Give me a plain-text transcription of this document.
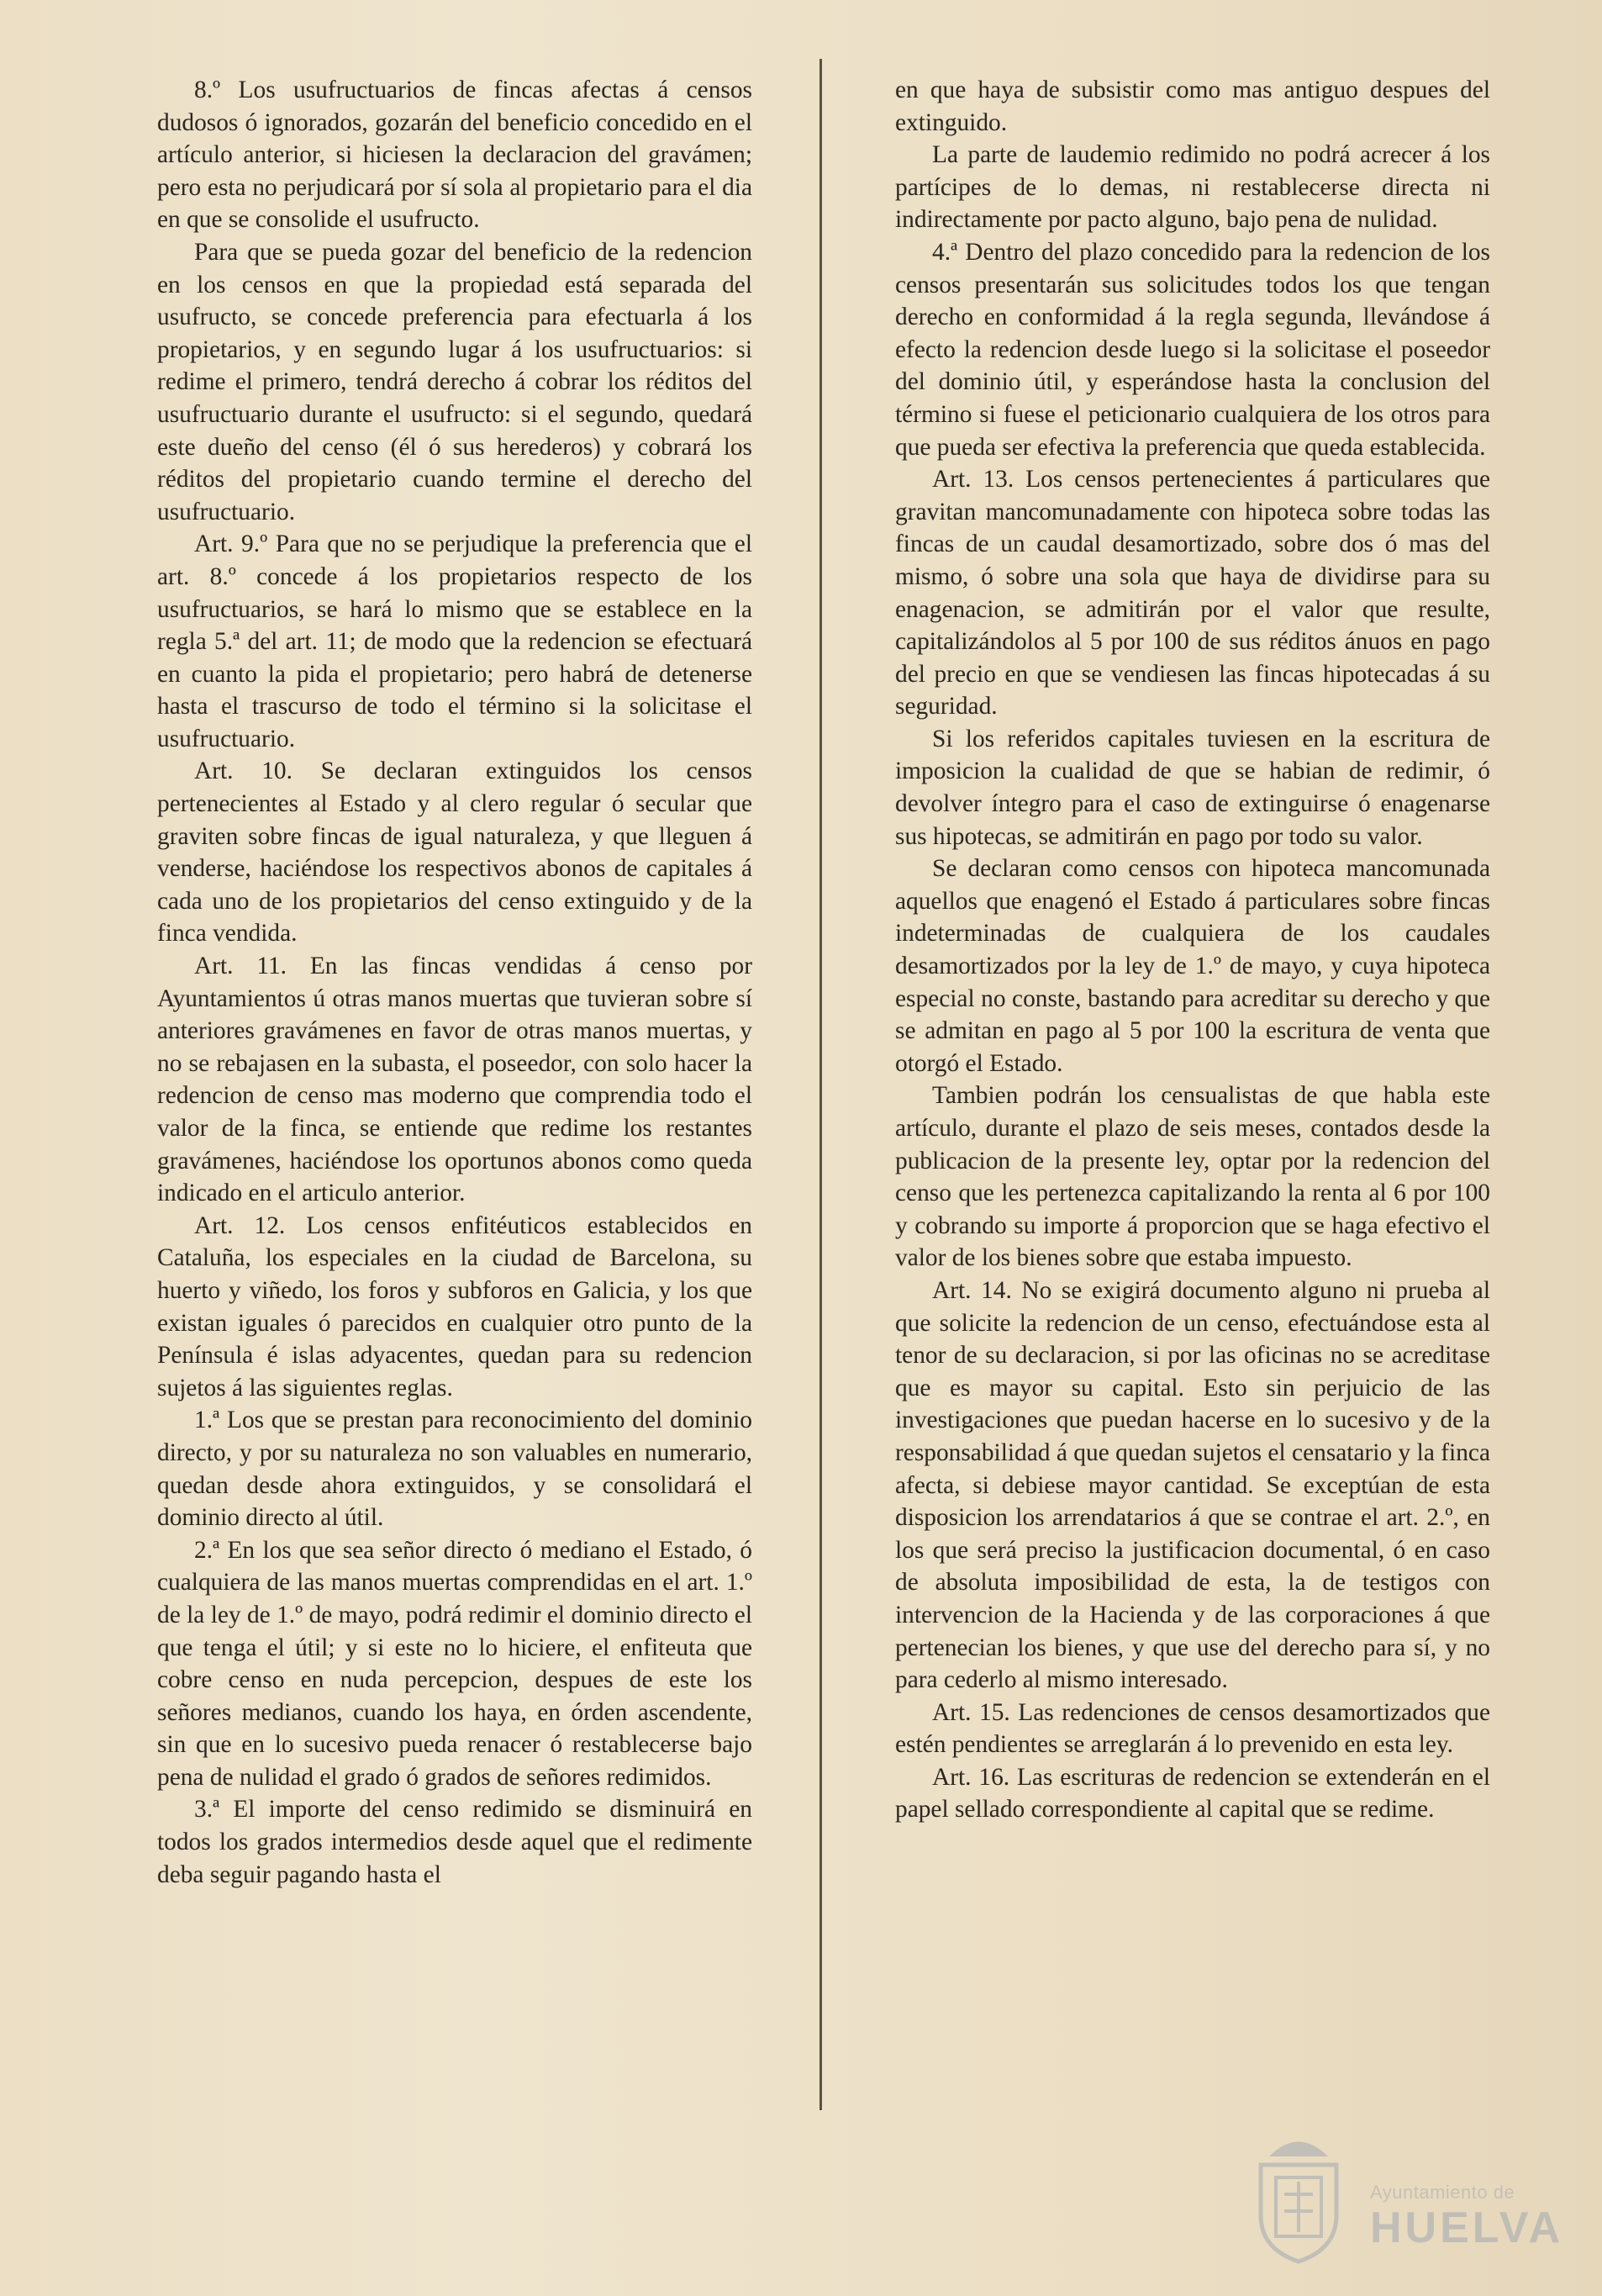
8.º Los usufructuarios de fincas afectas á censos dudosos ó ignorados, gozarán del beneficio concedido en el artículo anterior, si hiciesen la declaracion del gravámen; pero esta no perjudicará por sí sola al propietario para el dia en que se consolide el usufructo.

Para que se pueda gozar del beneficio de la redencion en los censos en que la propiedad está separada del usufructo, se concede preferencia para efectuarla á los propietarios, y en segundo lugar á los usufructuarios: si redime el primero, tendrá derecho á cobrar los réditos del usufructuario durante el usufructo: si el segundo, quedará este dueño del censo (él ó sus herederos) y cobrará los réditos del propietario cuando termine el derecho del usufructuario.

Art. 9.º Para que no se perjudique la preferencia que el art. 8.º concede á los propietarios respecto de los usufructuarios, se hará lo mismo que se establece en la regla 5.ª del art. 11; de modo que la redencion se efectuará en cuanto la pida el propietario; pero habrá de detenerse hasta el trascurso de todo el término si la solicitase el usufructuario.

Art. 10. Se declaran extinguidos los censos pertenecientes al Estado y al clero regular ó secular que graviten sobre fincas de igual naturaleza, y que lleguen á venderse, haciéndose los respectivos abonos de capitales á cada uno de los propietarios del censo extinguido y de la finca vendida.

Art. 11. En las fincas vendidas á censo por Ayuntamientos ú otras manos muertas que tuvieran sobre sí anteriores gravámenes en favor de otras manos muertas, y no se rebajasen en la subasta, el poseedor, con solo hacer la redencion de censo mas moderno que comprendia todo el valor de la finca, se entiende que redime los restantes gravámenes, haciéndose los oportunos abonos como queda indicado en el articulo anterior.

Art. 12. Los censos enfitéuticos establecidos en Cataluña, los especiales en la ciudad de Barcelona, su huerto y viñedo, los foros y subforos en Galicia, y los que existan iguales ó parecidos en cualquier otro punto de la Península é islas adyacentes, quedan para su redencion sujetos á las siguientes reglas.

1.ª Los que se prestan para reconocimiento del dominio directo, y por su naturaleza no son valuables en numerario, quedan desde ahora extinguidos, y se consolidará el dominio directo al útil.

2.ª En los que sea señor directo ó mediano el Estado, ó cualquiera de las manos muertas comprendidas en el art. 1.º de la ley de 1.º de mayo, podrá redimir el dominio directo el que tenga el útil; y si este no lo hiciere, el enfiteuta que cobre censo en nuda percepcion, despues de este los señores medianos, cuando los haya, en órden ascendente, sin que en lo sucesivo pueda renacer ó restablecerse bajo pena de nulidad el grado ó grados de señores redimidos.

3.ª El importe del censo redimido se disminuirá en todos los grados intermedios desde aquel que el redimente deba seguir pagando hasta el

en que haya de subsistir como mas antiguo despues del extinguido.

La parte de laudemio redimido no podrá acrecer á los partícipes de lo demas, ni restablecerse directa ni indirectamente por pacto alguno, bajo pena de nulidad.

4.ª Dentro del plazo concedido para la redencion de los censos presentarán sus solicitudes todos los que tengan derecho en conformidad á la regla segunda, llevándose á efecto la redencion desde luego si la solicitase el poseedor del dominio útil, y esperándose hasta la conclusion del término si fuese el peticionario cualquiera de los otros para que pueda ser efectiva la preferencia que queda establecida.

Art. 13. Los censos pertenecientes á particulares que gravitan mancomunadamente con hipoteca sobre todas las fincas de un caudal desamortizado, sobre dos ó mas del mismo, ó sobre una sola que haya de dividirse para su enagenacion, se admitirán por el valor que resulte, capitalizándolos al 5 por 100 de sus réditos ánuos en pago del precio en que se vendiesen las fincas hipotecadas á su seguridad.

Si los referidos capitales tuviesen en la escritura de imposicion la cualidad de que se habian de redimir, ó devolver íntegro para el caso de extinguirse ó enagenarse sus hipotecas, se admitirán en pago por todo su valor.

Se declaran como censos con hipoteca mancomunada aquellos que enagenó el Estado á particulares sobre fincas indeterminadas de cualquiera de los caudales desamortizados por la ley de 1.º de mayo, y cuya hipoteca especial no conste, bastando para acreditar su derecho y que se admitan en pago al 5 por 100 la escritura de venta que otorgó el Estado.

Tambien podrán los censualistas de que habla este artículo, durante el plazo de seis meses, contados desde la publicacion de la presente ley, optar por la redencion del censo que les pertenezca capitalizando la renta al 6 por 100 y cobrando su importe á proporcion que se haga efectivo el valor de los bienes sobre que estaba impuesto.

Art. 14. No se exigirá documento alguno ni prueba al que solicite la redencion de un censo, efectuándose esta al tenor de su declaracion, si por las oficinas no se acreditase que es mayor su capital. Esto sin perjuicio de las investigaciones que puedan hacerse en lo sucesivo y de la responsabilidad á que quedan sujetos el censatario y la finca afecta, si debiese mayor cantidad. Se exceptúan de esta disposicion los arrendatarios á que se contrae el art. 2.º, en los que será preciso la justificacion documental, ó en caso de absoluta imposibilidad de esta, la de testigos con intervencion de la Hacienda y de las corporaciones á que pertenecian los bienes, y que use del derecho para sí, y no para cederlo al mismo interesado.

Art. 15. Las redenciones de censos desamortizados que estén pendientes se arreglarán á lo prevenido en esta ley.

Art. 16. Las escrituras de redencion se extenderán en el papel sellado correspondiente al capital que se redime.

Ayuntamiento de
HUELVA
